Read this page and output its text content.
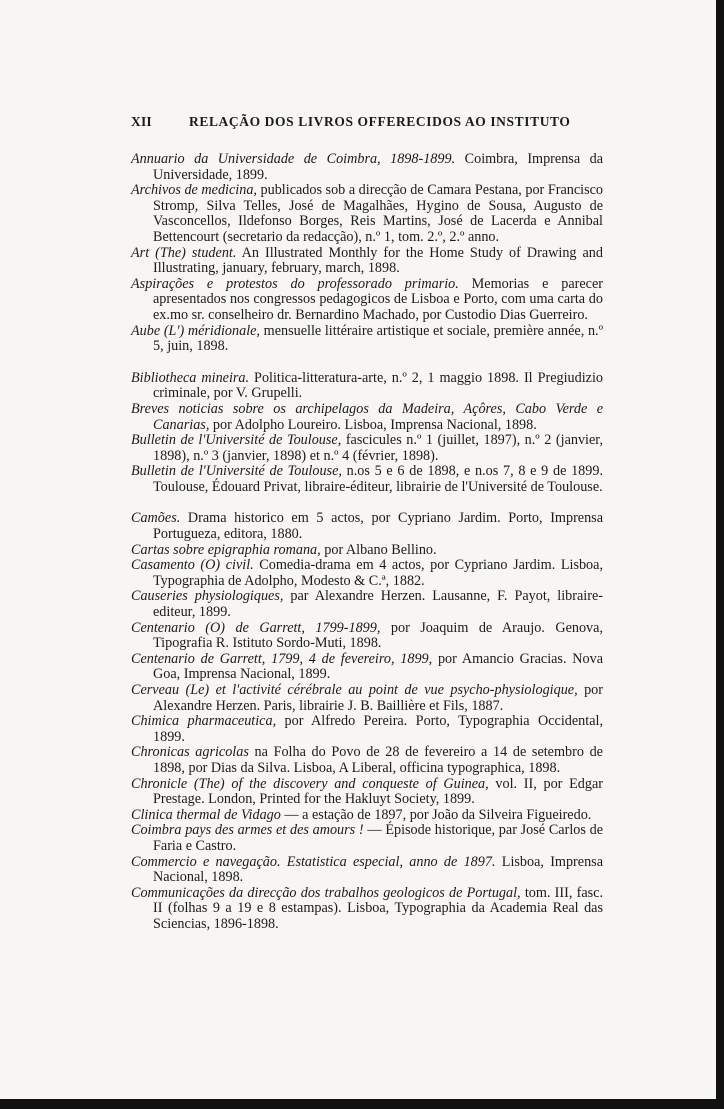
XII	RELAÇÃO DOS LIVROS OFFERECIDOS AO INSTITUTO
Annuario da Universidade de Coimbra, 1898-1899. Coimbra, Imprensa da Universidade, 1899.
Archivos de medicina, publicados sob a direcção de Camara Pestana, por Francisco Stromp, Silva Telles, José de Magalhães, Hygino de Sousa, Augusto de Vasconcellos, Ildefonso Borges, Reis Martins, José de Lacerda e Annibal Bettencourt (secretario da redacção), n.º 1, tom. 2.º, 2.º anno.
Art (The) student. An Illustrated Monthly for the Home Study of Drawing and Illustrating, january, february, march, 1898.
Aspirações e protestos do professorado primario. Memorias e parecer apresentados nos congressos pedagogicos de Lisboa e Porto, com uma carta do ex.mo sr. conselheiro dr. Bernardino Machado, por Custodio Dias Guerreiro.
Aube (L') méridionale, mensuelle littéraire artistique et sociale, première année, n.º 5, juin, 1898.
Bibliotheca mineira. Politica-litteratura-arte, n.º 2, 1 maggio 1898. Il Pregiudizio criminale, por V. Grupelli.
Breves noticias sobre os archipelagos da Madeira, Açôres, Cabo Verde e Canarias, por Adolpho Loureiro. Lisboa, Imprensa Nacional, 1898.
Bulletin de l'Université de Toulouse, fascicules n.º 1 (juillet, 1897), n.º 2 (janvier, 1898), n.º 3 (janvier, 1898) et n.º 4 (février, 1898).
Bulletin de l'Université de Toulouse, n.os 5 e 6 de 1898, e n.os 7, 8 e 9 de 1899. Toulouse, Édouard Privat, libraire-éditeur, librairie de l'Université de Toulouse.
Camões. Drama historico em 5 actos, por Cypriano Jardim. Porto, Imprensa Portugueza, editora, 1880.
Cartas sobre epigraphia romana, por Albano Bellino.
Casamento (O) civil. Comedia-drama em 4 actos, por Cypriano Jardim. Lisboa, Typographia de Adolpho, Modesto & C.ª, 1882.
Causeries physiologiques, par Alexandre Herzen. Lausanne, F. Payot, libraire-editeur, 1899.
Centenario (O) de Garrett, 1799-1899, por Joaquim de Araujo. Genova, Tipografia R. Istituto Sordo-Muti, 1898.
Centenario de Garrett, 1799, 4 de fevereiro, 1899, por Amancio Gracias. Nova Goa, Imprensa Nacional, 1899.
Cerveau (Le) et l'activité cérébrale au point de vue psycho-physiologique, por Alexandre Herzen. Paris, librairie J. B. Baillière et Fils, 1887.
Chimica pharmaceutica, por Alfredo Pereira. Porto, Typographia Occidental, 1899.
Chronicas agricolas na Folha do Povo de 28 de fevereiro a 14 de setembro de 1898, por Dias da Silva. Lisboa, A Liberal, officina typographica, 1898.
Chronicle (The) of the discovery and conqueste of Guinea, vol. II, por Edgar Prestage. London, Printed for the Hakluyt Society, 1899.
Clinica thermal de Vidago — a estação de 1897, por João da Silveira Figueiredo.
Coimbra pays des armes et des amours ! — Épisode historique, par José Carlos de Faria e Castro.
Commercio e navegação. Estatistica especial, anno de 1897. Lisboa, Imprensa Nacional, 1898.
Communicações da direcção dos trabalhos geologicos de Portugal, tom. III, fasc. II (folhas 9 a 19 e 8 estampas). Lisboa, Typographia da Academia Real das Sciencias, 1896-1898.
